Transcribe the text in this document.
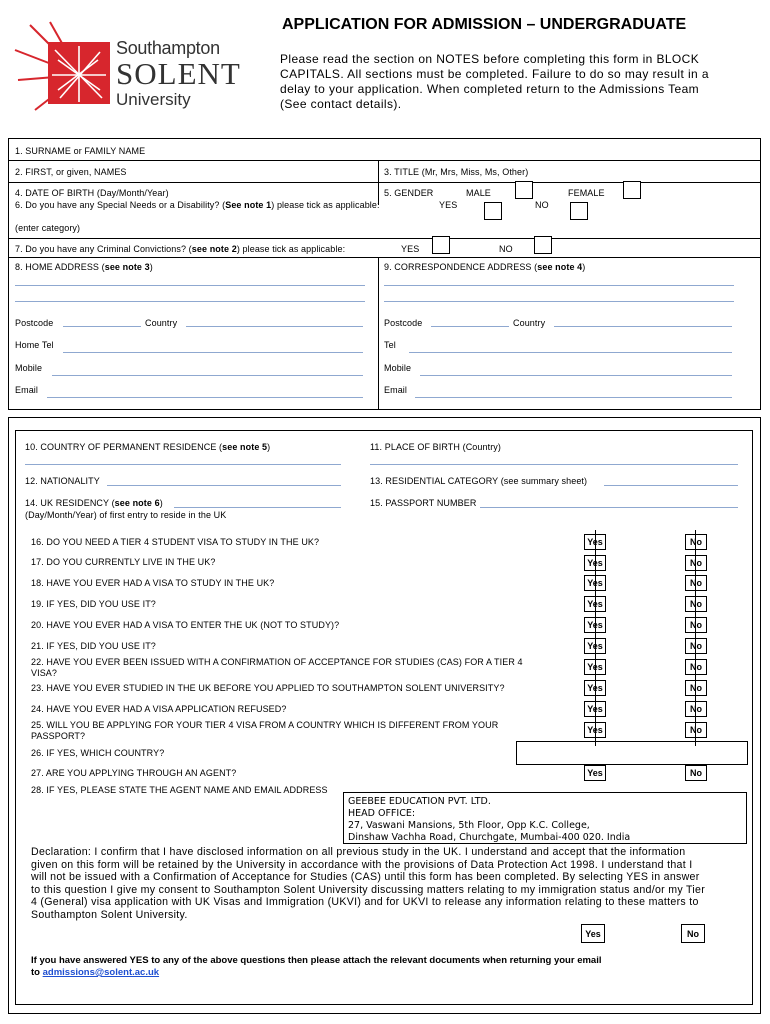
Southampton
SOLENT
University
APPLICATION FOR ADMISSION – UNDERGRADUATE
Please read the section on NOTES before completing this form in BLOCK CAPITALS. All sections must be completed. Failure to do so may result in a delay to your application. When completed return to the Admissions Team (See contact details).
1. SURNAME or FAMILY NAME
2. FIRST, or given, NAMES	3. TITLE (Mr, Mrs, Miss, Ms, Other)
4. DATE OF BIRTH (Day/Month/Year)	5. GENDER	MALE	FEMALE
6. Do you have any Special Needs or a Disability? (See note 1) please tick as applicable:	YES	NO
(enter category)
7. Do you have any Criminal Convictions? (see note 2) please tick as applicable:	YES	NO
8. HOME ADDRESS (see note 3)	9. CORRESPONDENCE ADDRESS (see note 4)
Postcode	Country	Postcode	Country
Home Tel	Tel
Mobile	Mobile
Email	Email
10. COUNTRY OF PERMANENT RESIDENCE (see note 5)	11. PLACE OF BIRTH (Country)
12. NATIONALITY	13. RESIDENTIAL CATEGORY (see summary sheet)
14. UK RESIDENCY (see note 6)
(Day/Month/Year) of first entry to reside in the UK
15. PASSPORT NUMBER
16. DO YOU NEED A TIER 4 STUDENT VISA TO STUDY IN THE UK?	Yes	No
17. DO YOU CURRENTLY LIVE IN THE UK?	Yes	No
18. HAVE YOU EVER HAD A VISA TO STUDY IN THE UK?	Yes	No
19. IF YES, DID YOU USE IT?	Yes	No
20. HAVE YOU EVER HAD A VISA TO ENTER THE UK (NOT TO STUDY)?	Yes	No
21. IF YES, DID YOU USE IT?	Yes	No
22. HAVE YOU EVER BEEN ISSUED WITH A CONFIRMATION OF ACCEPTANCE FOR STUDIES (CAS) FOR A TIER 4
VISA?
Yes	No
23. HAVE YOU EVER STUDIED IN THE UK BEFORE YOU APPLIED TO SOUTHAMPTON SOLENT UNIVERSITY?	Yes	No
24. HAVE YOU EVER HAD A VISA APPLICATION REFUSED?	Yes	No
25. WILL YOU BE APPLYING FOR YOUR TIER 4 VISA FROM A COUNTRY WHICH IS DIFFERENT FROM YOUR
PASSPORT?
Yes	No
26. IF YES, WHICH COUNTRY?
27. ARE YOU APPLYING THROUGH AN AGENT?	Yes	No
28. IF YES, PLEASE STATE THE AGENT NAME AND EMAIL ADDRESS
GEEBEE EDUCATION PVT. LTD.
HEAD OFFICE:
27, Vaswani Mansions, 5th Floor, Opp K.C. College,
Dinshaw Vachha Road, Churchgate, Mumbai-400 020. India
Declaration: I confirm that I have disclosed information on all previous study in the UK. I understand and accept that the information
given on this form will be retained by the University in accordance with the provisions of Data Protection Act 1998. I understand that I
will not be issued with a Confirmation of Acceptance for Studies (CAS) until this form has been completed. By selecting YES in answer
to this question I give my consent to Southampton Solent University discussing matters relating to my immigration status and/or my Tier
4 (General) visa application with UK Visas and Immigration (UKVI) and for UKVI to release any information relating to these matters to
Southampton Solent University.
Yes	No
If you have answered YES to any of the above questions then please attach the relevant documents when returning your email
to admissions@solent.ac.uk
